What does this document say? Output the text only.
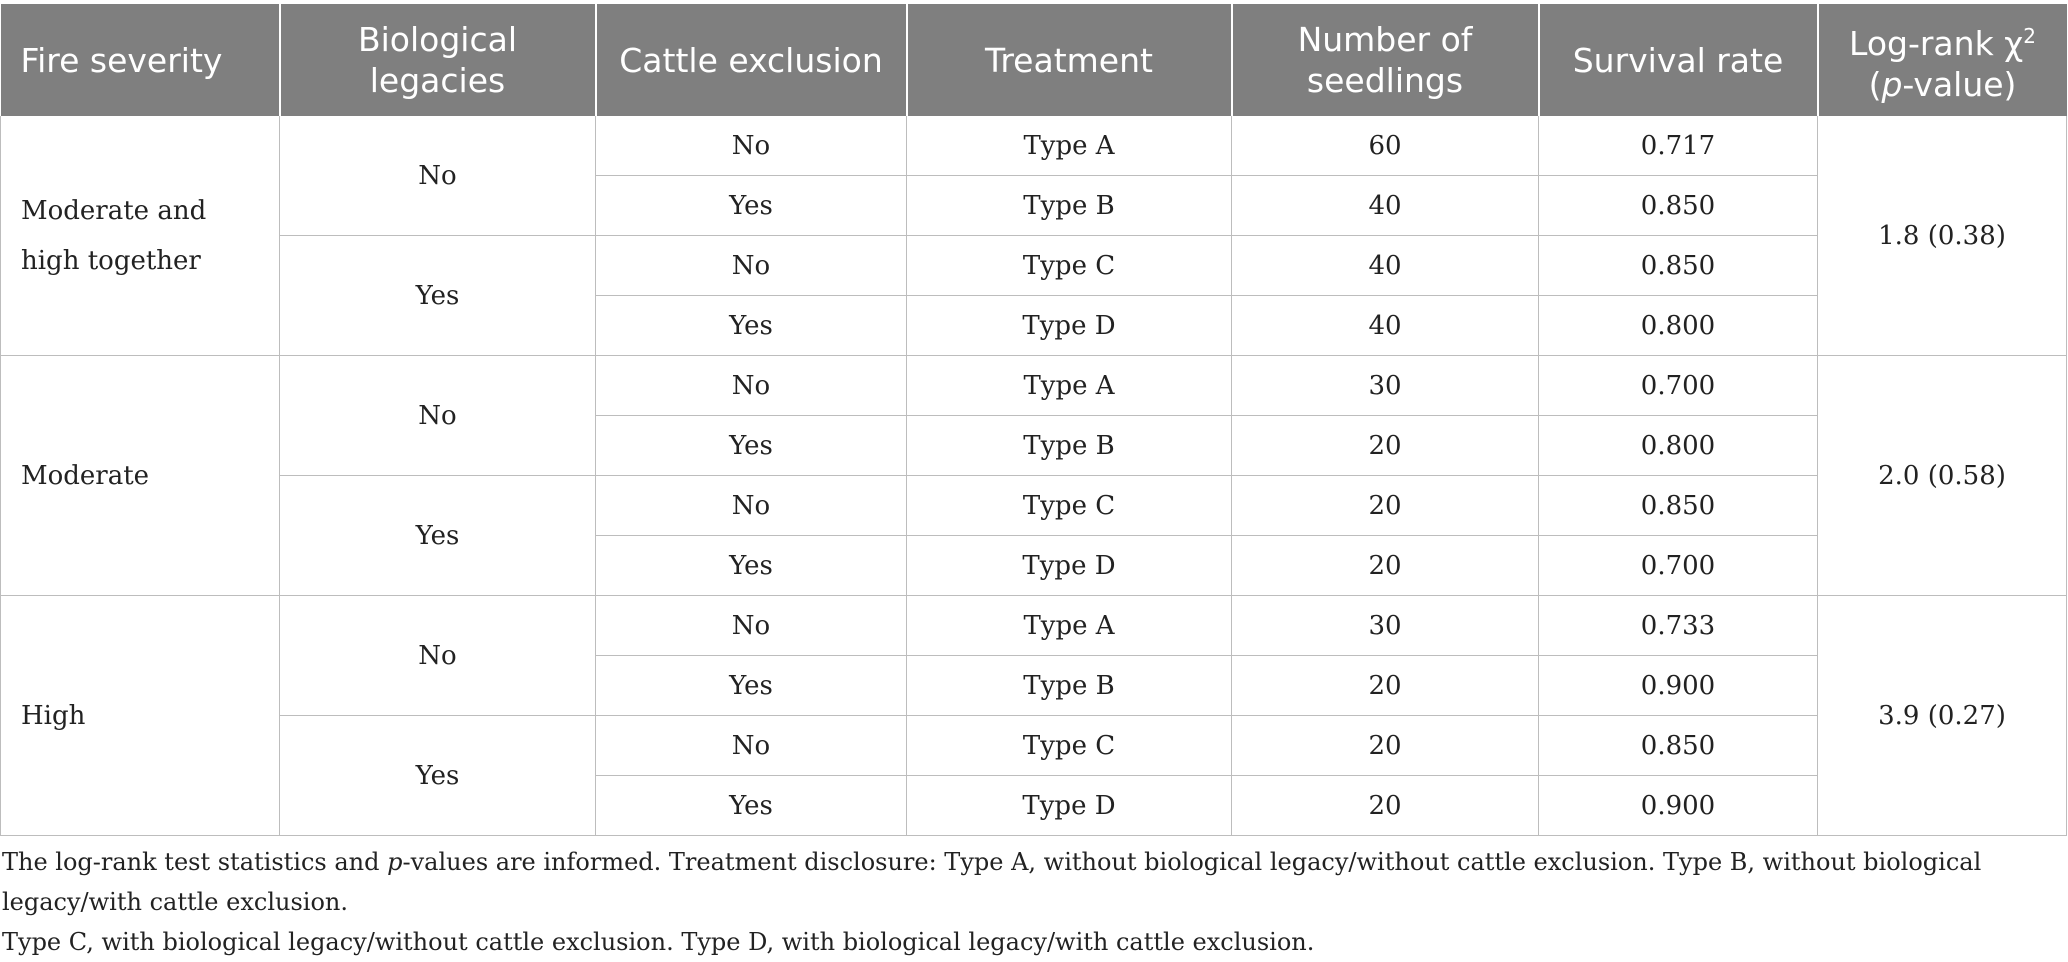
Fire severity	Biological legacies	Cattle exclusion	Treatment	Number of seedlings	Survival rate	Log-rank $\chi^2$
(p-value)
Moderate and high together	No	No	Type A	60	0.717	1.8 (0.38)
		Yes	Type B	40	0.850	
	Yes	No	Type C	40	0.850	
		Yes	Type D	40	0.800	
Moderate	No	No	Type A	30	0.700	2.0 (0.58)
		Yes	Type B	20	0.800	
	Yes	No	Type C	20	0.850	
		Yes	Type D	20	0.700	
High	No	No	Type A	30	0.733	3.9 (0.27)
		Yes	Type B	20	0.900	
	Yes	No	Type C	20	0.850	
		Yes	Type D	20	0.900	
The log-rank test statistics and p-values are informed. Treatment disclosure: Type A, without biological legacy/without cattle exclusion. Type B, without biological legacy/with cattle exclusion.
Type C, with biological legacy/without cattle exclusion. Type D, with biological legacy/with cattle exclusion.
